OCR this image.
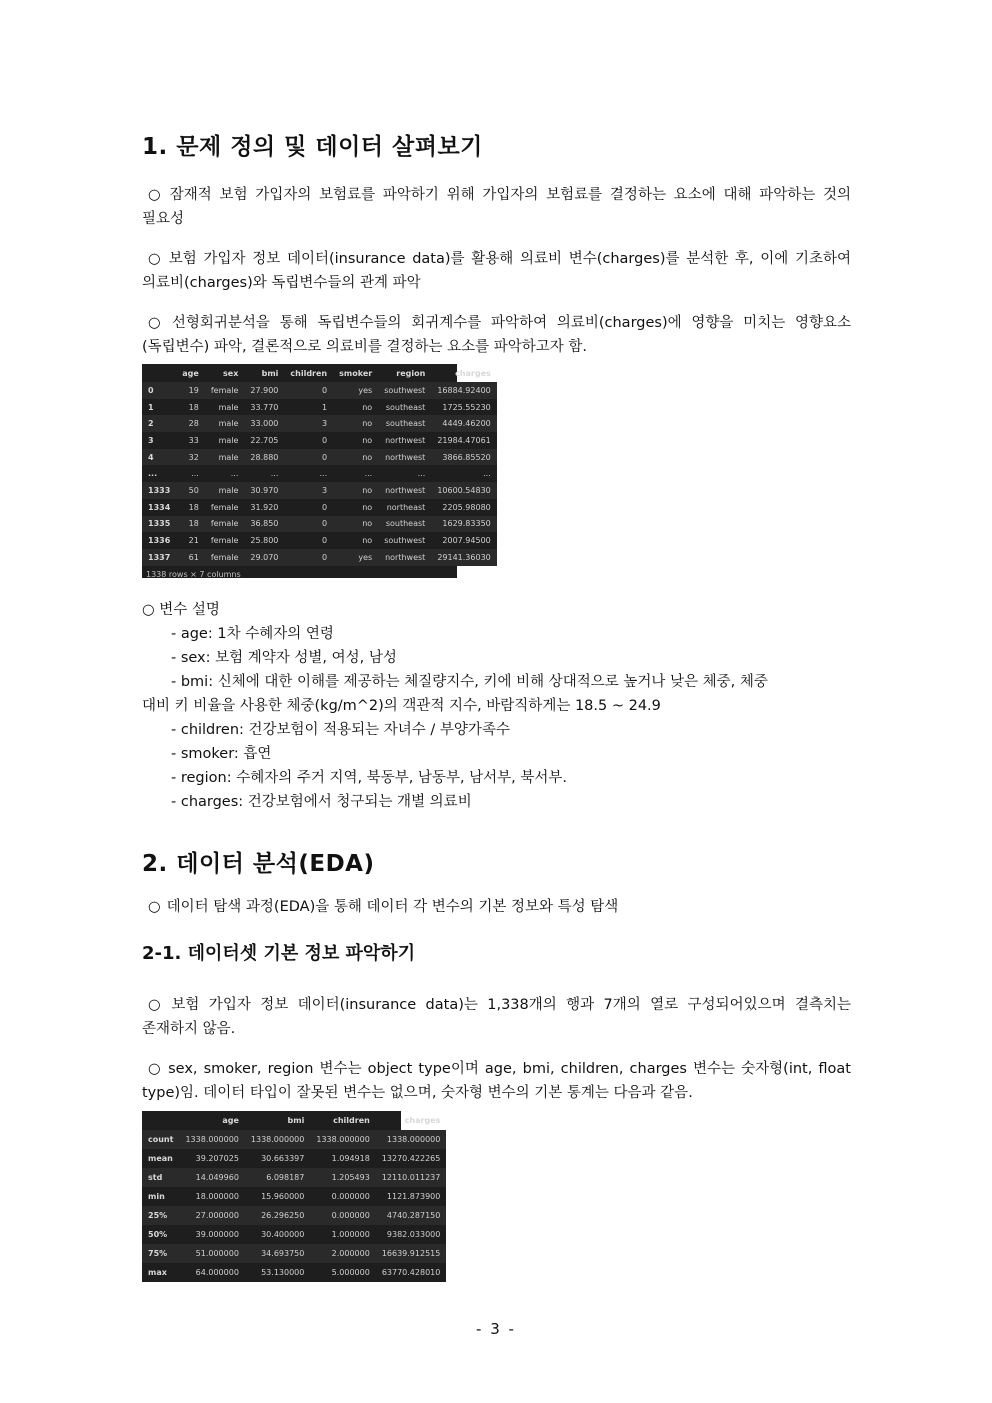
1. 문제 정의 및 데이터 살펴보기

○ 잠재적 보험 가입자의 보험료를 파악하기 위해 가입자의 보험료를 결정하는 요소에 대해 파악하는 것의 필요성

○ 보험 가입자 정보 데이터(insurance data)를 활용해 의료비 변수(charges)를 분석한 후, 이에 기초하여 의료비(charges)와 독립변수들의 관계 파악

○ 선형회귀분석을 통해 독립변수들의 회귀계수를 파악하여 의료비(charges)에 영향을 미치는 영향요소(독립변수) 파악, 결론적으로 의료비를 결정하는 요소를 파악하고자 함.

○ 변수 설명

- age: 1차 수혜자의 연령

- sex: 보험 계약자 성별, 여성, 남성

- bmi: 신체에 대한 이해를 제공하는 체질량지수, 키에 비해 상대적으로 높거나 낮은 체중, 체중
대비 키 비율을 사용한 체중(kg/m^2)의 객관적 지수, 바람직하게는 18.5 ~ 24.9

- children: 건강보험이 적용되는 자녀수 / 부양가족수

- smoker: 흡연

- region: 수혜자의 주거 지역, 북동부, 남동부, 남서부, 북서부.

- charges: 건강보험에서 청구되는 개별 의료비

2. 데이터 분석(EDA)

○ 데이터 탐색 과정(EDA)을 통해 데이터 각 변수의 기본 정보와 특성 탐색

2-1. 데이터셋 기본 정보 파악하기

○ 보험 가입자 정보 데이터(insurance data)는 1,338개의 행과 7개의 열로 구성되어있으며 결측치는 존재하지 않음.

○ sex, smoker, region 변수는 object type이며 age, bmi, children, charges 변수는 숫자형(int, float type)임. 데이터 타입이 잘못된 변수는 없으며, 숫자형 변수의 기본 통계는 다음과 같음.

	age	sex	bmi	children	smoker	region	charges
0	19	female	27.900	0	yes	southwest	16884.92400
1	18	male	33.770	1	no	southeast	1725.55230
2	28	male	33.000	3	no	southeast	4449.46200
3	33	male	22.705	0	no	northwest	21984.47061
4	32	male	28.880	0	no	northwest	3866.85520
...	...	...	...	...	...	...	...
1333	50	male	30.970	3	no	northwest	10600.54830
1334	18	female	31.920	0	no	northeast	2205.98080
1335	18	female	36.850	0	no	southeast	1629.83350
1336	21	female	25.800	0	no	southwest	2007.94500
1337	61	female	29.070	0	yes	northwest	29141.36030
1338 rows × 7 columns
	age	bmi	children	charges
count	1338.000000	1338.000000	1338.000000	1338.000000
mean	39.207025	30.663397	1.094918	13270.422265
std	14.049960	6.098187	1.205493	12110.011237
min	18.000000	15.960000	0.000000	1121.873900
25%	27.000000	26.296250	0.000000	4740.287150
50%	39.000000	30.400000	1.000000	9382.033000
75%	51.000000	34.693750	2.000000	16639.912515
max	64.000000	53.130000	5.000000	63770.428010
- 3 -
